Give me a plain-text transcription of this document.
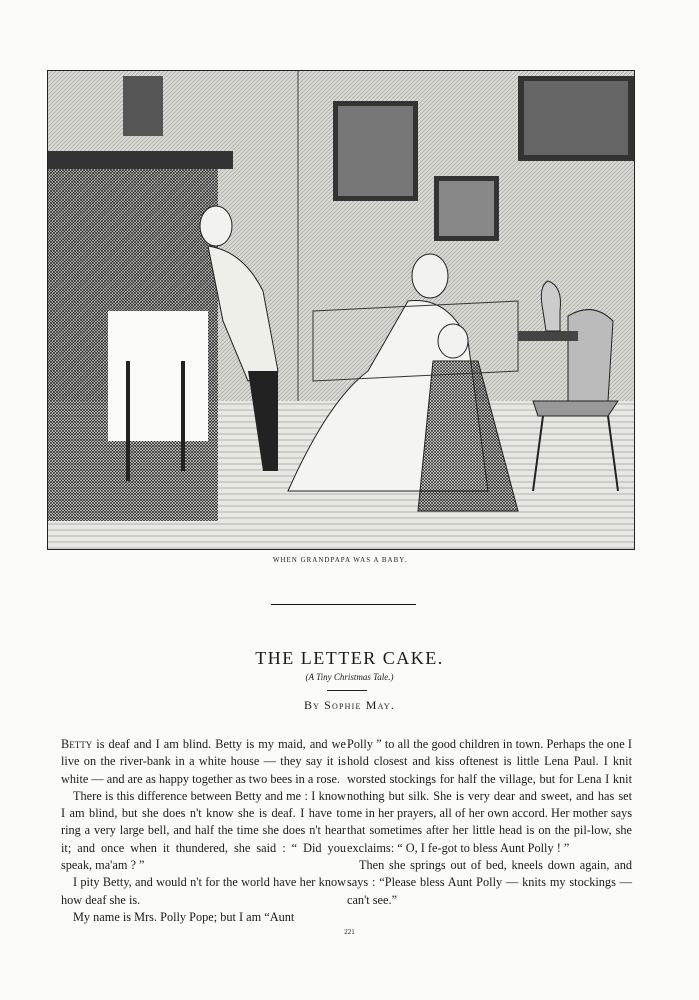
WHEN GRANDPAPA WAS A BABY.
THE LETTER CAKE.
(A Tiny Christmas Tale.)
By Sophie May.

Betty is deaf and I am blind. Betty is my maid, and we live on the river-bank in a white house — they say it is white — and are as happy together as two bees in a rose.

There is this difference between Betty and me : I know I am blind, but she does n't know she is deaf. I have to ring a very large bell, and half the time she does n't hear it; and once when it thundered, she said : “ Did you speak, ma'am ? ”

I pity Betty, and would n't for the world have her know how deaf she is.

My name is Mrs. Polly Pope; but I am “Aunt

Polly ” to all the good children in town. Perhaps the one I hold closest and kiss oftenest is little Lena Paul. I knit worsted stockings for half the village, but for Lena I knit nothing but silk. She is very dear and sweet, and has set me in her prayers, all of her own accord. Her mother says that sometimes after her little head is on the pil-low, she exclaims: “ O, I fe-got to bless Aunt Polly ! ”

Then she springs out of bed, kneels down again, and says : “Please bless Aunt Polly — knits my stockings — can't see.”

221
